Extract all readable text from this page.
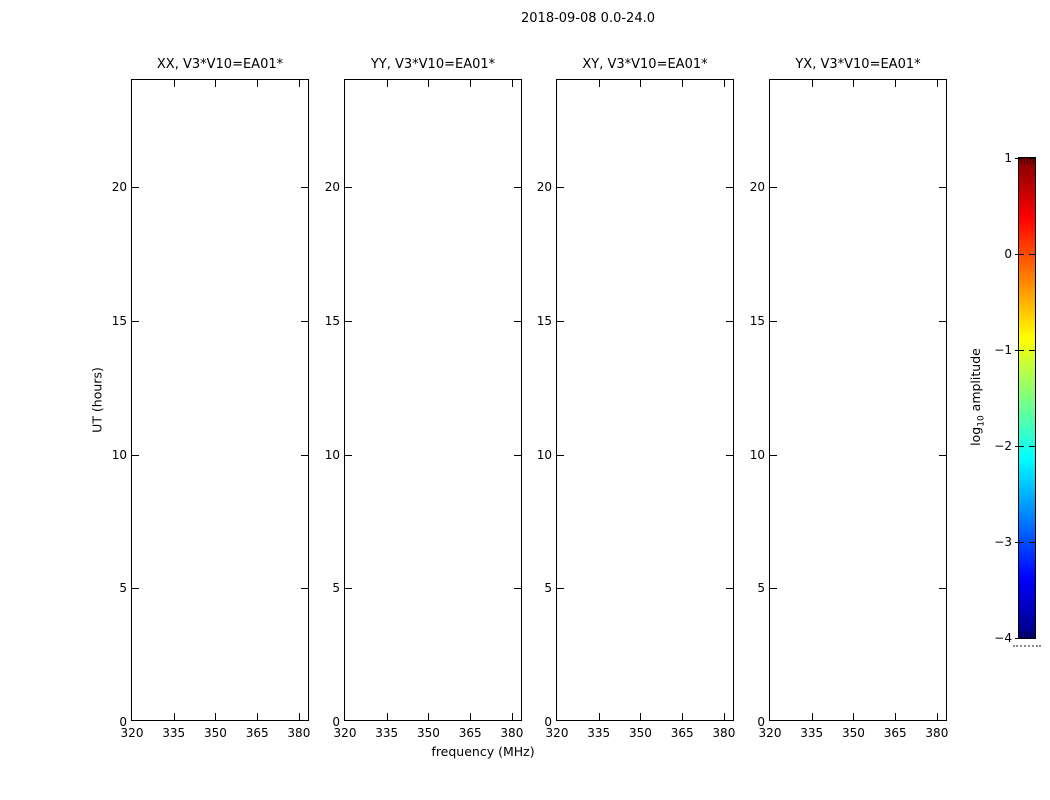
2018-09-08 0.0-24.0
UT (hours)
frequency (MHz)
XX, V3*V10=EA01*
320 335 350 365 380
0
5
10
15
20
YY, V3*V10=EA01*
320 335 350 365 380
0
5
10
15
20
XY, V3*V10=EA01*
320 335 350 365 380
0
5
10
15
20
YX, V3*V10=EA01*
320 335 350 365 380
0
5
10
15
20
1
0
−1
−2
−3
−4
$\log_{10}$ amplitude
